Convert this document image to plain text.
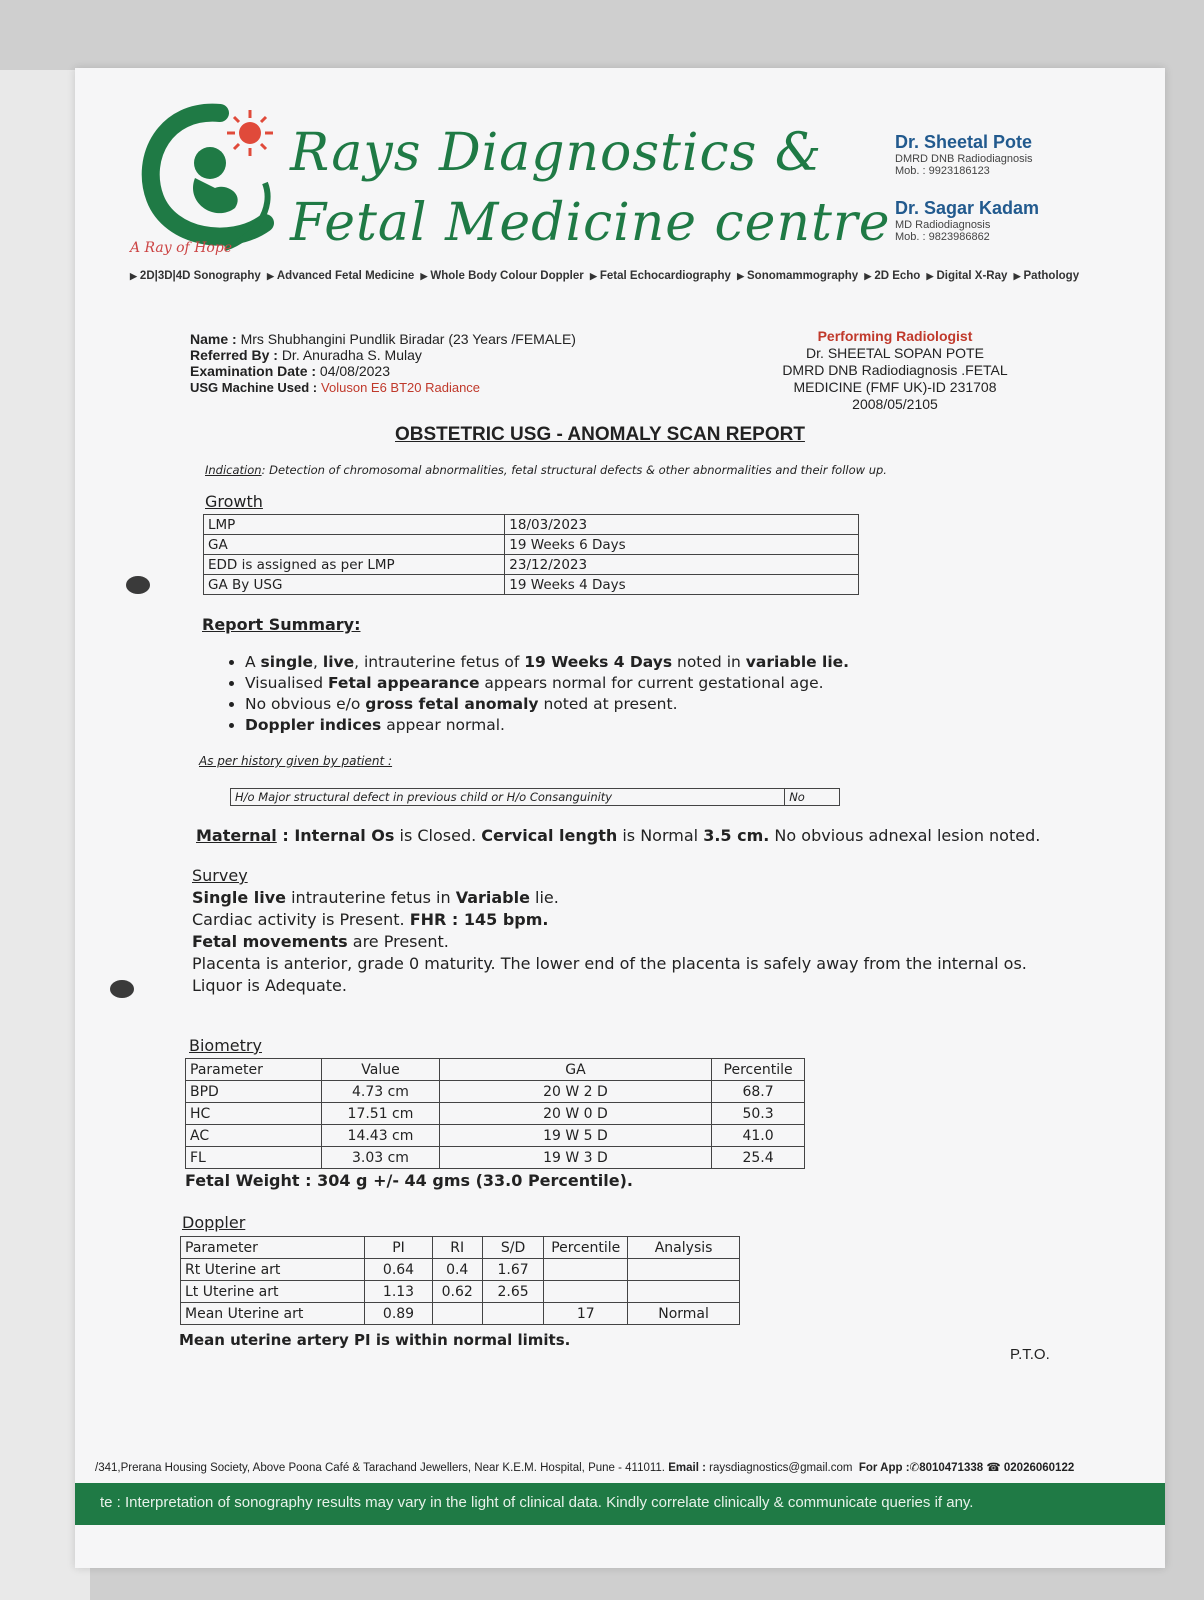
A Ray of Hope
Rays Diagnostics &
Fetal Medicine centre
Dr. Sheetal Pote
DMRD DNB Radiodiagnosis
Mob. : 9923186123
Dr. Sagar Kadam
MD Radiodiagnosis
Mob. : 9823986862
▶ 2D|3D|4D Sonography ▶ Advanced Fetal Medicine ▶ Whole Body Colour Doppler ▶ Fetal Echocardiography ▶ Sonomammography ▶ 2D Echo ▶ Digital X-Ray ▶ Pathology
Name : Mrs Shubhangini Pundlik Biradar (23 Years /FEMALE)
Referred By : Dr. Anuradha S. Mulay
Examination Date : 04/08/2023
USG Machine Used : Voluson E6 BT20 Radiance
Performing Radiologist
Dr. SHEETAL SOPAN POTE
DMRD DNB Radiodiagnosis .FETAL
MEDICINE (FMF UK)-ID 231708
2008/05/2105
OBSTETRIC USG - ANOMALY SCAN REPORT
Indication: Detection of chromosomal abnormalities, fetal structural defects & other abnormalities and their follow up.
Growth
LMP	18/03/2023
GA	19 Weeks 6 Days
EDD is assigned as per LMP	23/12/2023
GA By USG	19 Weeks 4 Days
Report Summary:
• A single, live, intrauterine fetus of 19 Weeks 4 Days noted in variable lie.
• Visualised Fetal appearance appears normal for current gestational age.
• No obvious e/o gross fetal anomaly noted at present.
• Doppler indices appear normal.
As per history given by patient :
H/o Major structural defect in previous child or H/o Consanguinity	No
Maternal : Internal Os is Closed. Cervical length is Normal 3.5 cm. No obvious adnexal lesion noted.
Survey
Single live intrauterine fetus in Variable lie.
Cardiac activity is Present. FHR : 145 bpm.
Fetal movements are Present.
Placenta is anterior, grade 0 maturity. The lower end of the placenta is safely away from the internal os.
Liquor is Adequate.
Biometry
Parameter	Value	GA	Percentile
BPD	4.73 cm	20 W 2 D	68.7
HC	17.51 cm	20 W 0 D	50.3
AC	14.43 cm	19 W 5 D	41.0
FL	3.03 cm	19 W 3 D	25.4
Fetal Weight : 304 g +/- 44 gms (33.0 Percentile).
Doppler
Parameter	PI	RI	S/D	Percentile	Analysis
Rt Uterine art	0.64	0.4	1.67		
Lt Uterine art	1.13	0.62	2.65		
Mean Uterine art	0.89			17	Normal
Mean uterine artery PI is within normal limits.
P.T.O.
/341,Prerana Housing Society, Above Poona Café & Tarachand Jewellers, Near K.E.M. Hospital, Pune - 411011. Email : raysdiagnostics@gmail.com For App :✆8010471338 ☎ 02026060122
te : Interpretation of sonography results may vary in the light of clinical data. Kindly correlate clinically & communicate queries if any.
